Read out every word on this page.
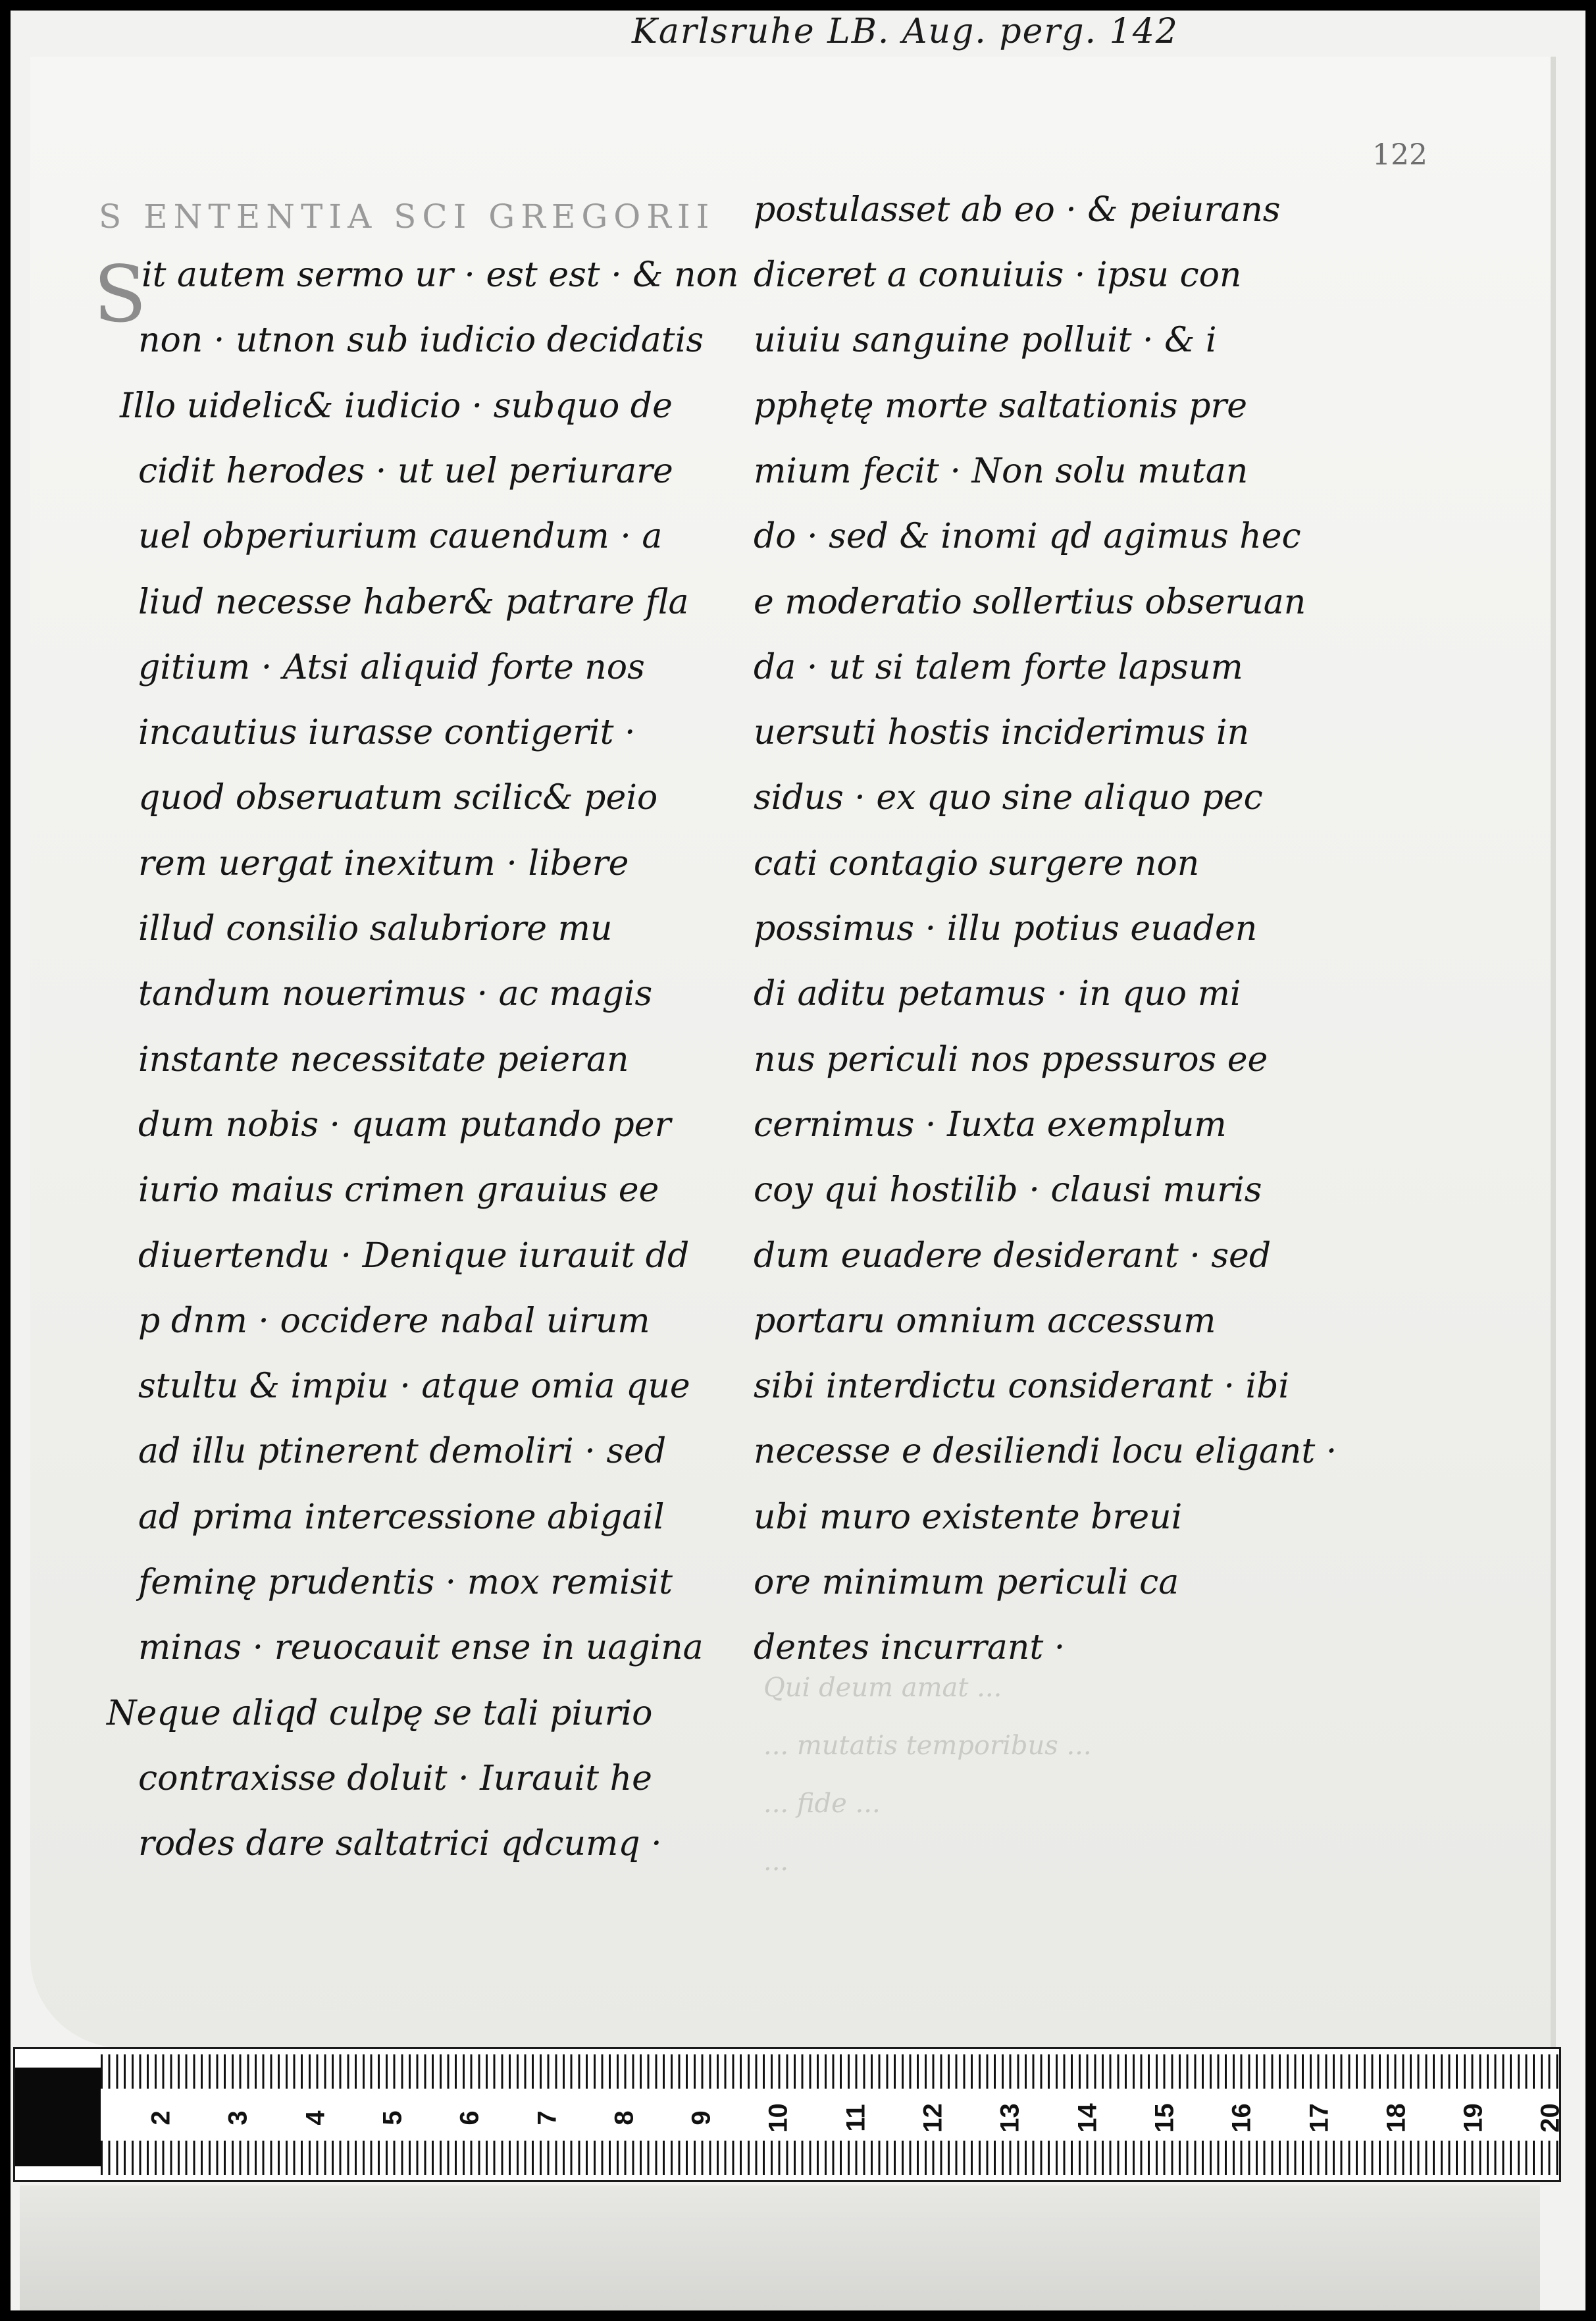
Karlsruhe LB. Aug. perg. 142
122
S ENTENTIA SCI GREGORII
S
it autem sermo ur · est est · & non
non · utnon sub iudicio decidatis
Illo uidelic& iudicio · subquo de
cidit herodes · ut uel periurare
uel obperiurium cauendum · a
liud necesse haber& patrare fla
gitium · Atsi aliquid forte nos
incautius iurasse contigerit ·
quod obseruatum scilic& peio
rem uergat inexitum · libere
illud consilio salubriore mu
tandum nouerimus · ac magis
instante necessitate peieran
dum nobis · quam putando per
iurio maius crimen grauius ee
diuertendu · Denique iurauit dd
p dnm · occidere nabal uirum
stultu & impiu · atque omia que
ad illu ptinerent demoliri · sed
ad prima intercessione abigail
feminę prudentis · mox remisit
minas · reuocauit ense in uagina
Neque aliqd culpę se tali piurio
contraxisse doluit · Iurauit he
rodes dare saltatrici qdcumq ·
postulasset ab eo · & peiurans
diceret a conuiuis · ipsu con
uiuiu sanguine polluit · & i
pphętę morte saltationis pre
mium fecit · Non solu mutan
do · sed & inomi qd agimus hec
e moderatio sollertius obseruan
da · ut si talem forte lapsum
uersuti hostis inciderimus in
sidus · ex quo sine aliquo pec
cati contagio surgere non
possimus · illu potius euaden
di aditu petamus · in quo mi
nus periculi nos ppessuros ee
cernimus · Iuxta exemplum
coy qui hostilib · clausi muris
dum euadere desiderant · sed
portaru omnium accessum
sibi interdictu considerant · ibi
necesse e desiliendi locu eligant ·
ubi muro existente breui
ore minimum periculi ca
dentes incurrant ·
Qui deum amat ...
... mutatis temporibus ...
... fide ...
...
2 3 4 5 6 7 8 9 10 11 12 13 14 15 16 17 18 19 20
